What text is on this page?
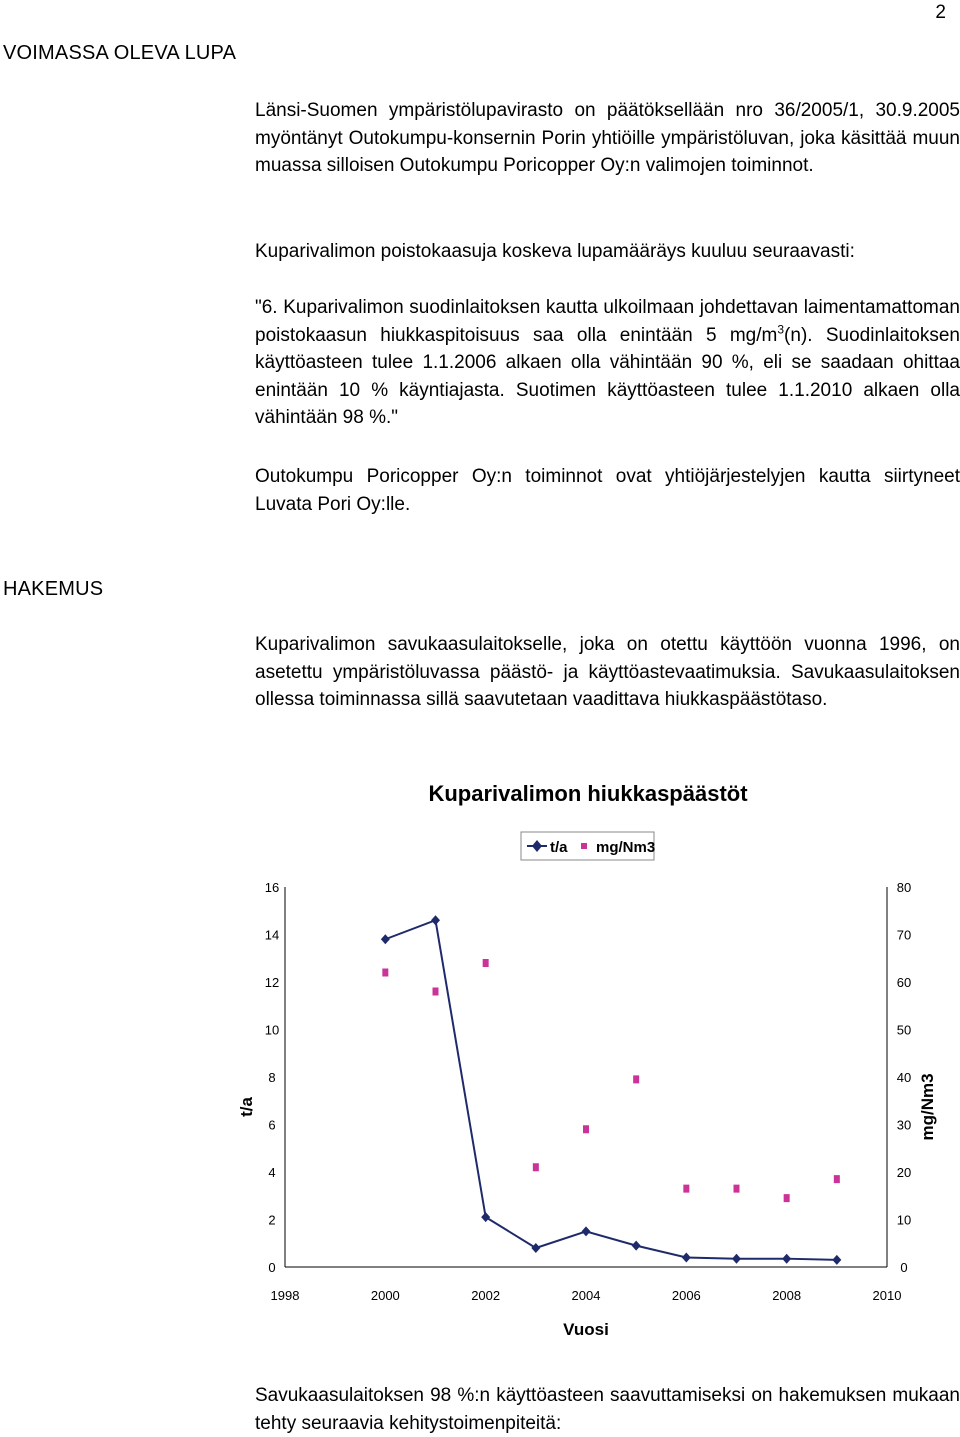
2
VOIMASSA OLEVA LUPA

Länsi-Suomen ympäristölupavirasto on päätöksellään nro 36/2005/1, 30.9.2005 myöntänyt Outokumpu-konsernin Porin yhtiöille ympäristöluvan, joka käsittää muun muassa silloisen Outokumpu Poricopper Oy:n valimojen toiminnot.

Kuparivalimon poistokaasuja koskeva lupamääräys kuuluu seuraavasti:

"6. Kuparivalimon suodinlaitoksen kautta ulkoilmaan johdettavan laimentamattoman poistokaasun hiukkaspitoisuus saa olla enintään 5 $mg/m^3(n)$. Suodinlaitoksen käyttöasteen tulee 1.1.2006 alkaen olla vähintään 90 %, eli se saadaan ohittaa enintään 10 % käyntiajasta. Suotimen käyttöasteen tulee 1.1.2010 alkaen olla vähintään 98 %."

Outokumpu Poricopper Oy:n toiminnot ovat yhtiöjärjestelyjen kautta siirtyneet Luvata Pori Oy:lle.

HAKEMUS

Kuparivalimon savukaasulaitokselle, joka on otettu käyttöön vuonna 1996, on asetettu ympäristöluvassa päästö- ja käyttöastevaatimuksia. Savukaasulaitoksen ollessa toiminnassa sillä saavutetaan vaadittava hiukkaspäästötaso.

Kuparivalimon hiukkaspäästöt
t/a mg/Nm3
0
2
4
6
8
10
12
14
16
0
10
20
30
40
50
60
70
80
1998	2000	2002	2004	2006	2008	2010
t/a	mg/Nm3
Vuosi

Savukaasulaitoksen 98 %:n käyttöasteen saavuttamiseksi on hakemuksen mukaan tehty seuraavia kehitystoimenpiteitä:
